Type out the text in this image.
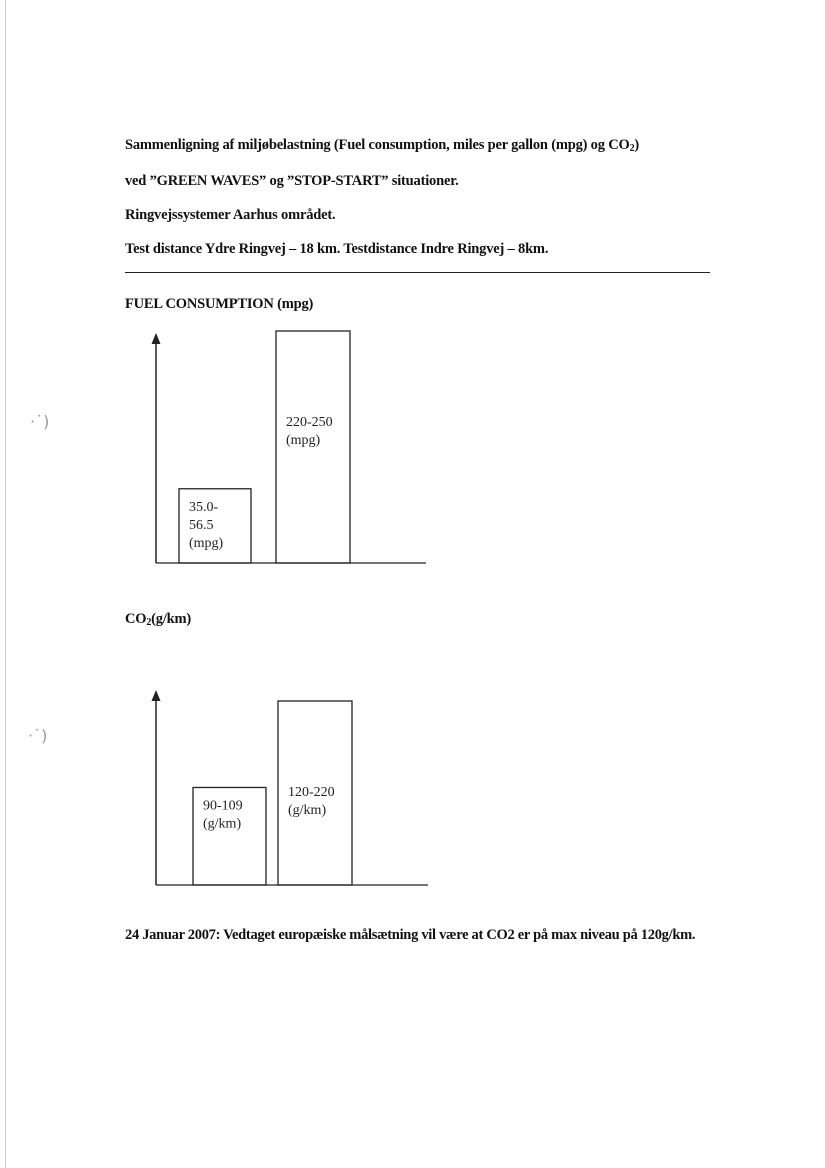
Sammenligning af miljøbelastning (Fuel consumption, miles per gallon (mpg) og $CO_2$)
ved ”GREEN WAVES” og ”STOP-START” situationer.
Ringvejssystemer Aarhus området.
Test distance Ydre Ringvej – 18 km. Testdistance Indre Ringvej – 8km.
FUEL CONSUMPTION (mpg)
35.0-
56.5
(mpg)
220-250
(mpg)
$CO_2(g/km)$
90-109
(g/km)
120-220
(g/km)
24 Januar 2007: Vedtaget europæiske målsætning vil være at CO2 er på max niveau på 120g/km.
·˙)
·˙)
